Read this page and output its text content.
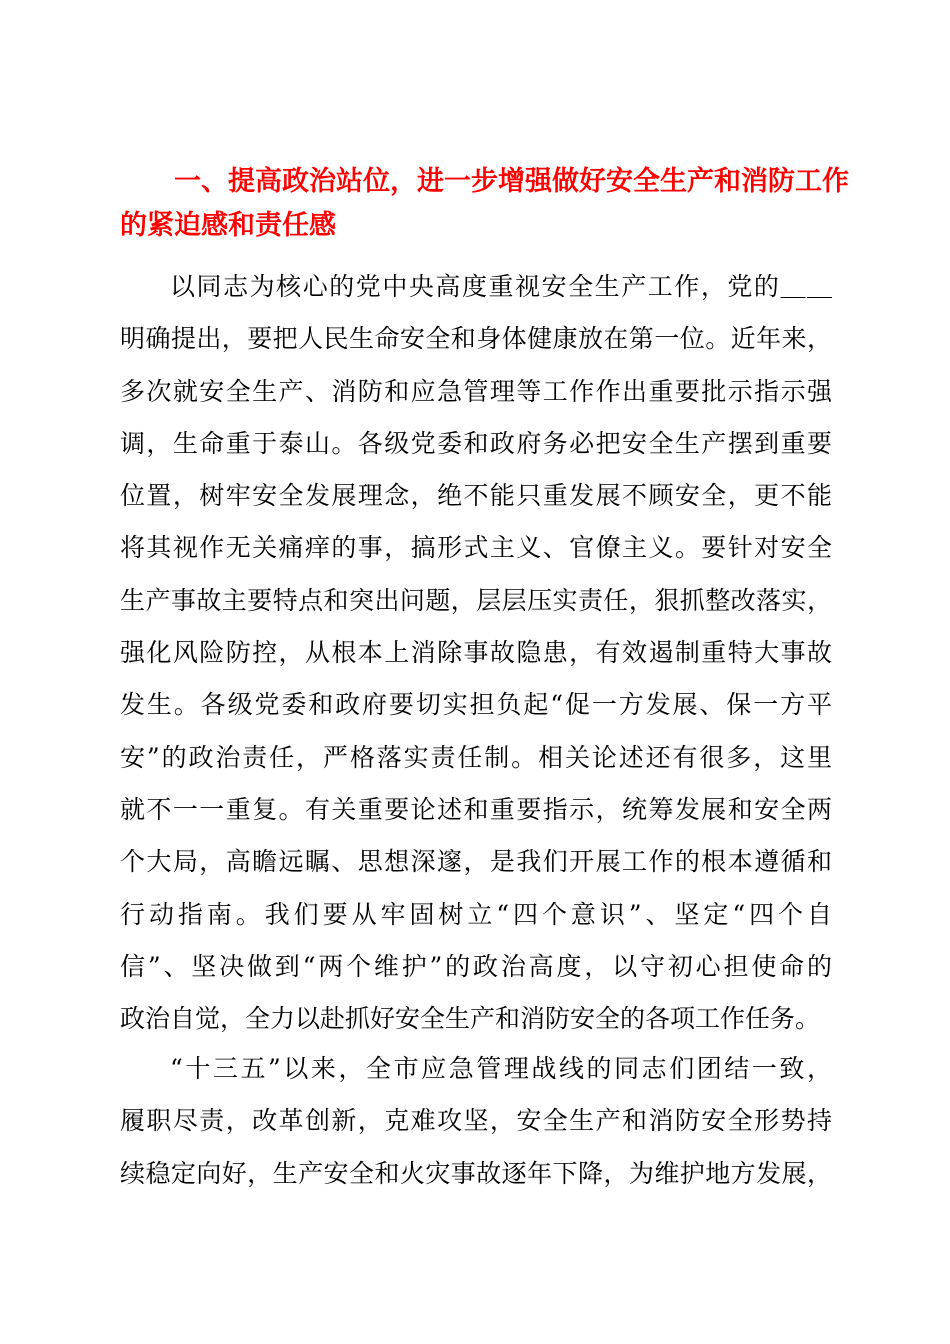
一、提高政治站位，进一步增强做好安全生产和消防工作
的紧迫感和责任感
以同志为核心的党中央高度重视安全生产工作，党的＿＿
明确提出，要把人民生命安全和身体健康放在第一位。近年来，
多次就安全生产、消防和应急管理等工作作出重要批示指示强
调，生命重于泰山。各级党委和政府务必把安全生产摆到重要
位置，树牢安全发展理念，绝不能只重发展不顾安全，更不能
将其视作无关痛痒的事，搞形式主义、官僚主义。要针对安全
生产事故主要特点和突出问题，层层压实责任，狠抓整改落实，
强化风险防控，从根本上消除事故隐患，有效遏制重特大事故
发生。各级党委和政府要切实担负起“促一方发展、保一方平
安”的政治责任，严格落实责任制。相关论述还有很多，这里
就不一一重复。有关重要论述和重要指示，统筹发展和安全两
个大局，高瞻远瞩、思想深邃，是我们开展工作的根本遵循和
行动指南。我们要从牢固树立“四个意识”、坚定“四个自
信”、坚决做到“两个维护”的政治高度，以守初心担使命的
政治自觉，全力以赴抓好安全生产和消防安全的各项工作任务。
“十三五”以来，全市应急管理战线的同志们团结一致，
履职尽责，改革创新，克难攻坚，安全生产和消防安全形势持
续稳定向好，生产安全和火灾事故逐年下降，为维护地方发展，
